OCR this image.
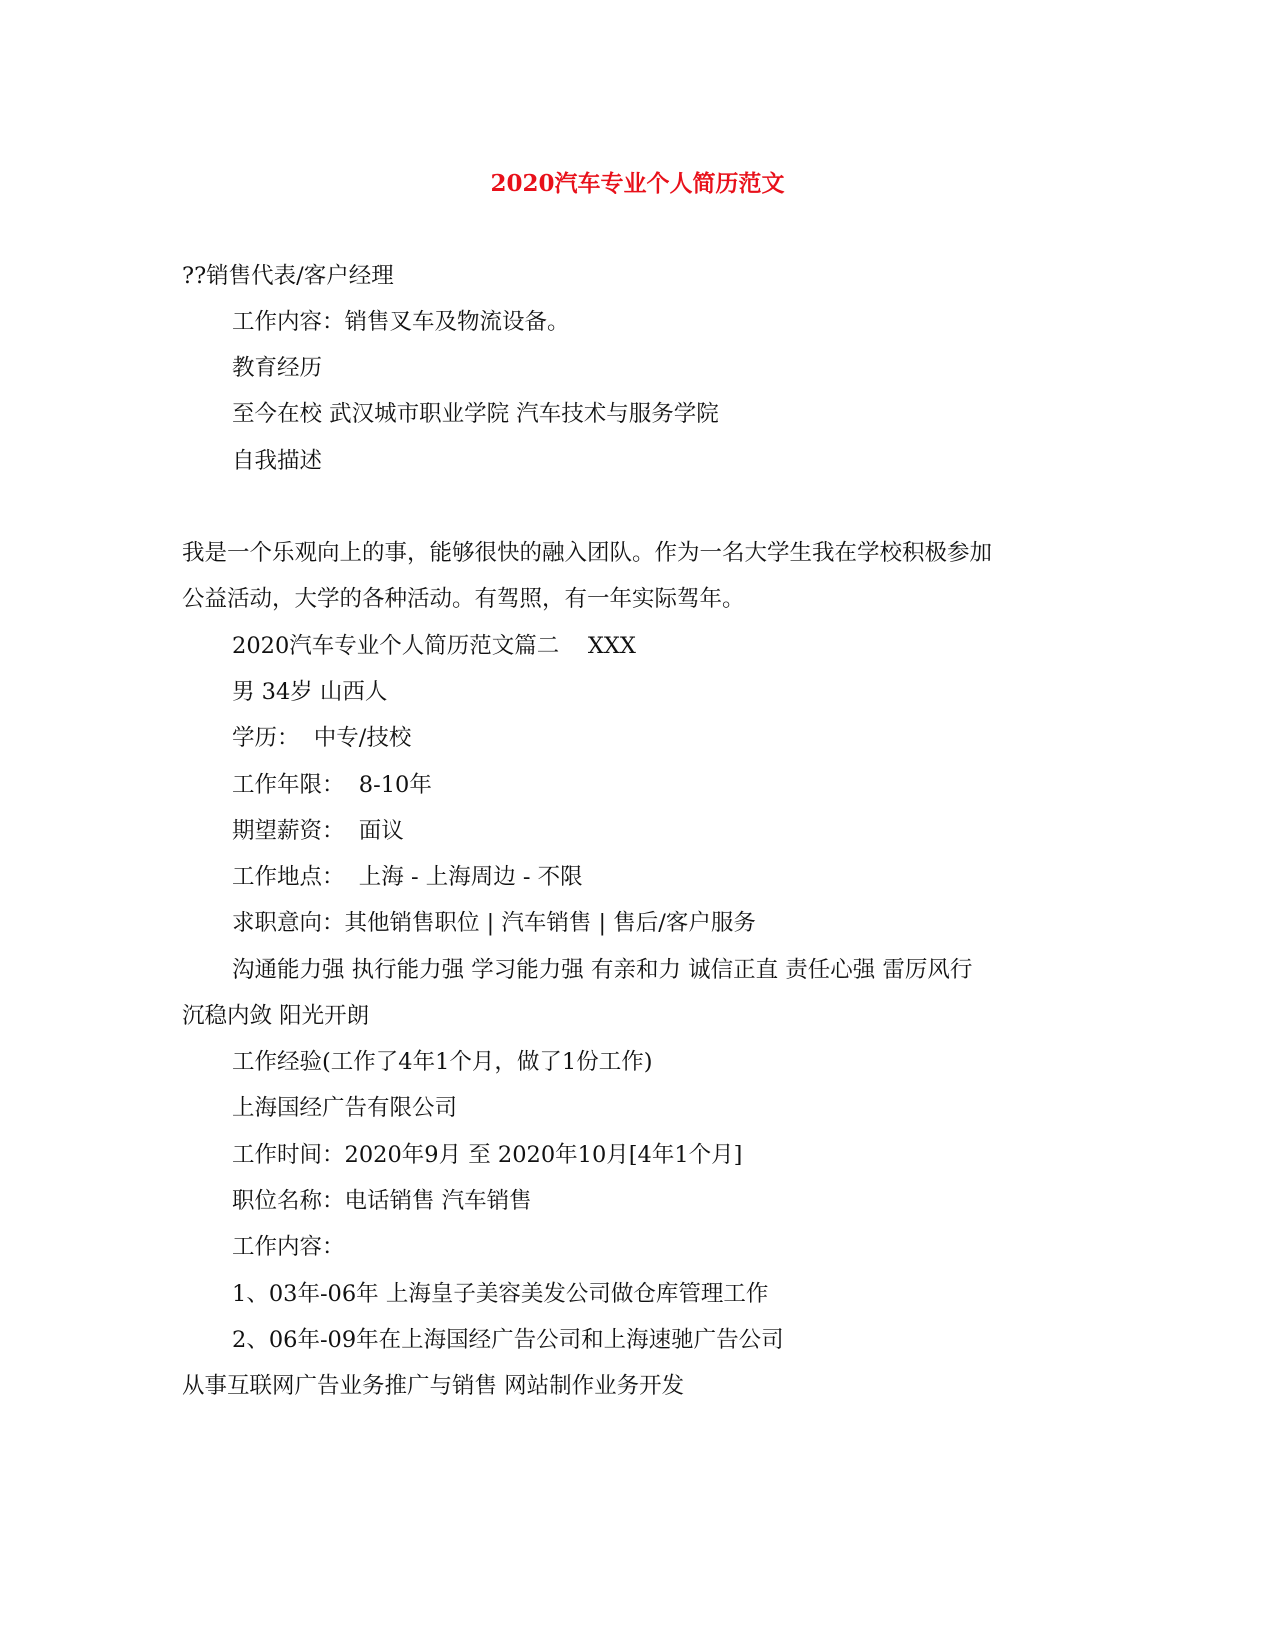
2020汽车专业个人简历范文
??销售代表/客户经理
工作内容：销售叉车及物流设备。
教育经历
至今在校 武汉城市职业学院 汽车技术与服务学院
自我描述
我是一个乐观向上的事，能够很快的融入团队。作为一名大学生我在学校积极参加
公益活动，大学的各种活动。有驾照，有一年实际驾年。
2020汽车专业个人简历范文篇二    XXX
男 34岁 山西人
学历：  中专/技校
工作年限：  8-10年
期望薪资：  面议
工作地点：  上海 - 上海周边 - 不限
求职意向：其他销售职位 | 汽车销售 | 售后/客户服务
沟通能力强 执行能力强 学习能力强 有亲和力 诚信正直 责任心强 雷厉风行
沉稳内敛 阳光开朗
工作经验(工作了4年1个月，做了1份工作)
上海国经广告有限公司
工作时间：2020年9月 至 2020年10月[4年1个月]
职位名称：电话销售 汽车销售
工作内容：
1、03年-06年 上海皇子美容美发公司做仓库管理工作
2、06年-09年在上海国经广告公司和上海速驰广告公司
从事互联网广告业务推广与销售 网站制作业务开发
